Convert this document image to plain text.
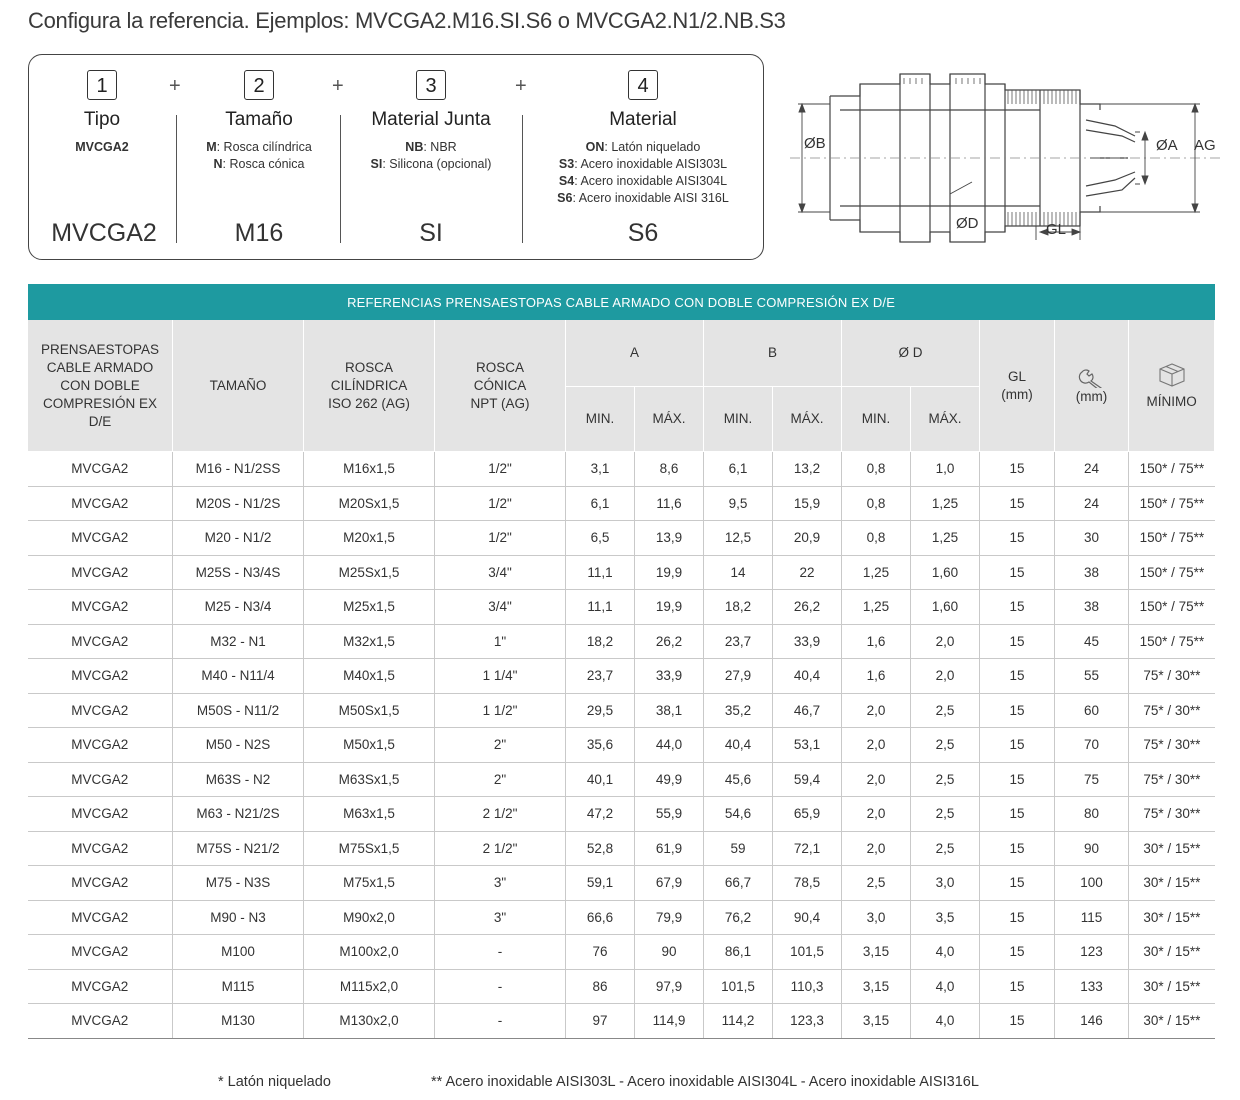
Configura la referencia. Ejemplos: MVCGA2.M16.SI.S6 o MVCGA2.N1/2.NB.S3
1
Tipo
MVCGA2
MVCGA2
+	2
Tamaño
M: Rosca cilíndrica
N: Rosca cónica
M16
+	3
Material Junta
NB: NBR
SI: Silicona (opcional)
SI
+	4
Material
ON: Latón niquelado
S3: Acero inoxidable AISI303L
S4: Acero inoxidable AISI304L
S6: Acero inoxidable AISI 316L
S6
ØB	ØA AG
ØD	GL
REFERENCIAS PRENSAESTOPAS CABLE ARMADO CON DOBLE COMPRESIÓN EX D/E												

PRENSAESTOPAS CABLE ARMADO CON DOBLE COMPRESIÓN EX D/E	TAMAÑO	ROSCA CILÍNDRICA ISO 262 (AG)	ROSCA CÓNICA NPT (AG)	A		B		Ø D		GL (mm)	(mm)	MÍNIMO

				MIN.	MÁX.	MIN.	MÁX.	MIN.	MÁX.			
MVCGA2	M16 - N1/2SS	M16x1,5	1/2"	3,1	8,6	6,1	13,2	0,8	1,0	15	24	150* / 75**
MVCGA2	M20S - N1/2S	M20Sx1,5	1/2"	6,1	11,6	9,5	15,9	0,8	1,25	15	24	150* / 75**
MVCGA2	M20 - N1/2	M20x1,5	1/2"	6,5	13,9	12,5	20,9	0,8	1,25	15	30	150* / 75**
MVCGA2	M25S - N3/4S	M25Sx1,5	3/4"	11,1	19,9	14	22	1,25	1,60	15	38	150* / 75**
MVCGA2	M25 - N3/4	M25x1,5	3/4"	11,1	19,9	18,2	26,2	1,25	1,60	15	38	150* / 75**
MVCGA2	M32 - N1	M32x1,5	1"	18,2	26,2	23,7	33,9	1,6	2,0	15	45	150* / 75**
MVCGA2	M40 - N11/4	M40x1,5	1 1/4"	23,7	33,9	27,9	40,4	1,6	2,0	15	55	75* / 30**
MVCGA2	M50S - N11/2	M50Sx1,5	1 1/2"	29,5	38,1	35,2	46,7	2,0	2,5	15	60	75* / 30**
MVCGA2	M50 - N2S	M50x1,5	2"	35,6	44,0	40,4	53,1	2,0	2,5	15	70	75* / 30**
MVCGA2	M63S - N2	M63Sx1,5	2"	40,1	49,9	45,6	59,4	2,0	2,5	15	75	75* / 30**
MVCGA2	M63 - N21/2S	M63x1,5	2 1/2"	47,2	55,9	54,6	65,9	2,0	2,5	15	80	75* / 30**
MVCGA2	M75S - N21/2	M75Sx1,5	2 1/2"	52,8	61,9	59	72,1	2,0	2,5	15	90	30* / 15**
MVCGA2	M75 - N3S	M75x1,5	3"	59,1	67,9	66,7	78,5	2,5	3,0	15	100	30* / 15**
MVCGA2	M90 - N3	M90x2,0	3"	66,6	79,9	76,2	90,4	3,0	3,5	15	115	30* / 15**
MVCGA2	M100	M100x2,0	-	76	90	86,1	101,5	3,15	4,0	15	123	30* / 15**
MVCGA2	M115	M115x2,0	-	86	97,9	101,5	110,3	3,15	4,0	15	133	30* / 15**
MVCGA2	M130	M130x2,0	-	97	114,9	114,2	123,3	3,15	4,0	15	146	30* / 15**
* Latón niquelado	** Acero inoxidable AISI303L - Acero inoxidable AISI304L - Acero inoxidable AISI316L
